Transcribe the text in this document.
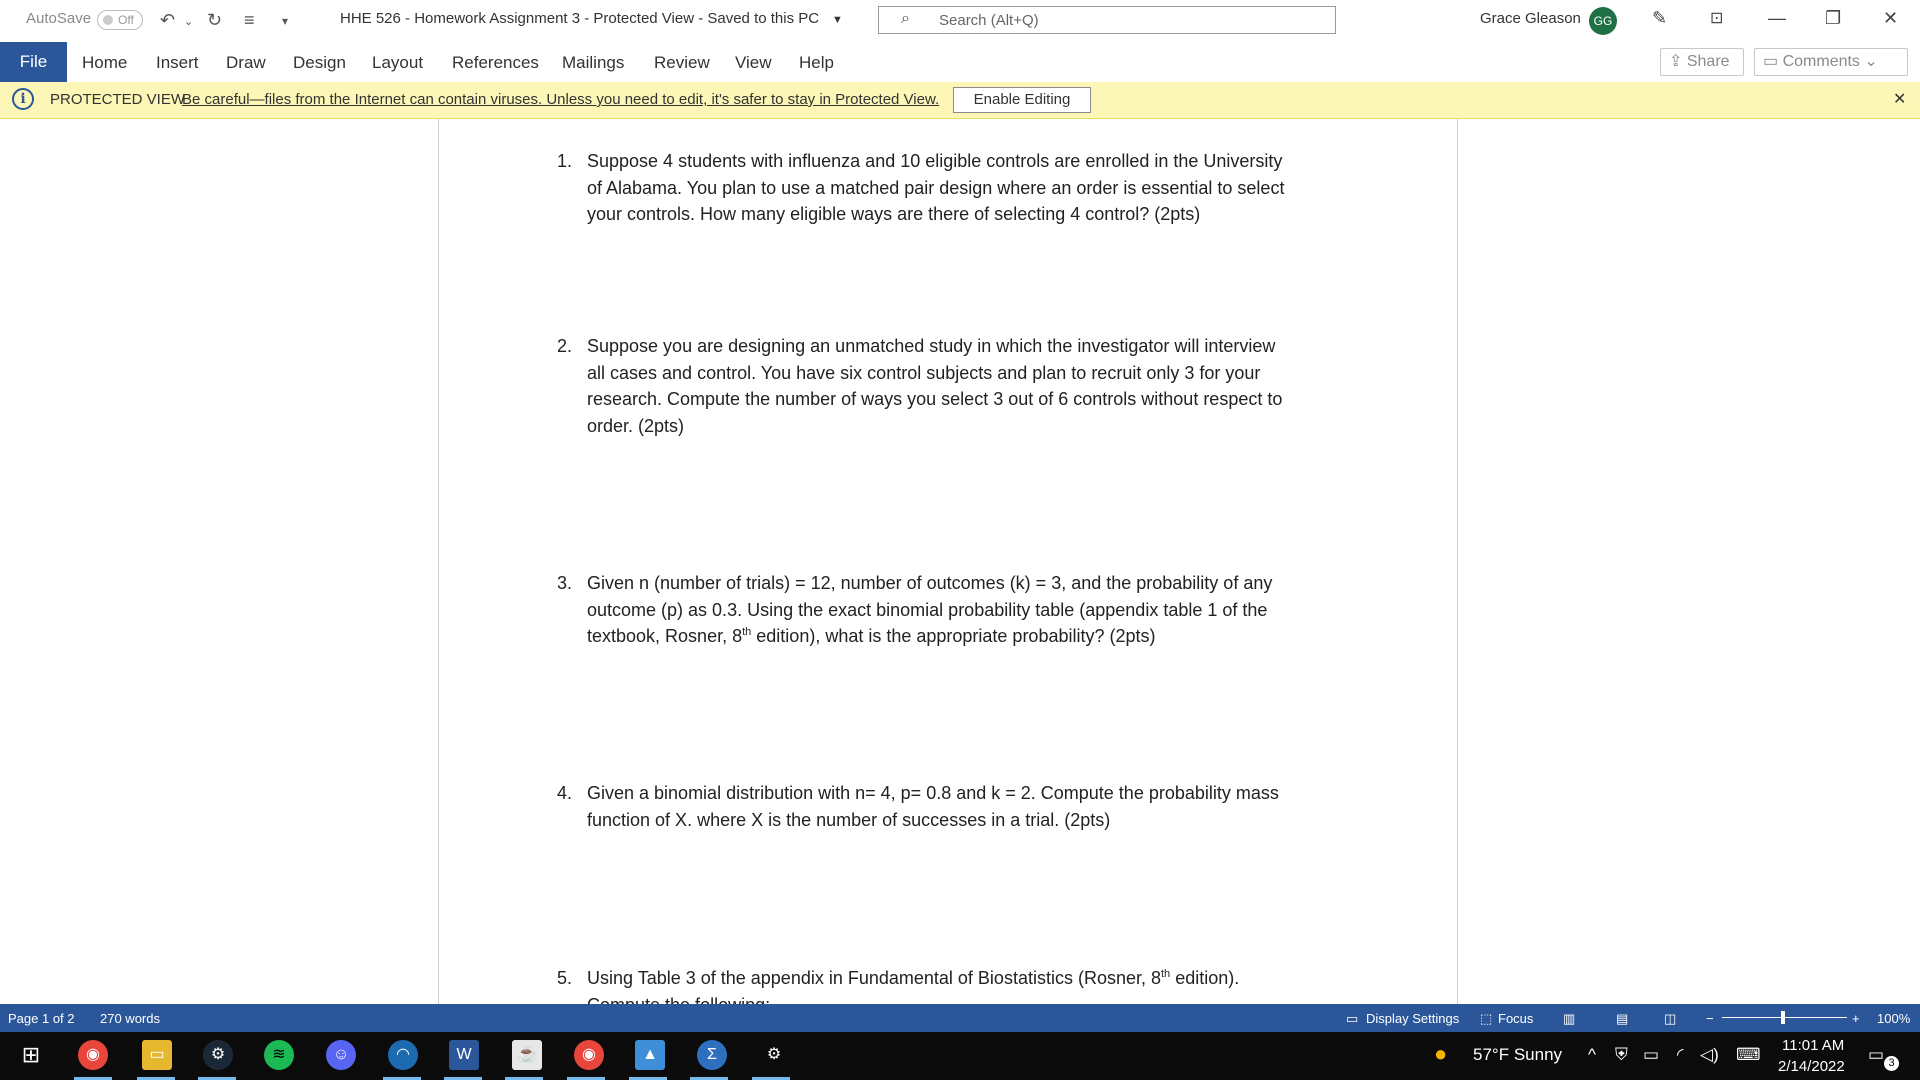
AutoSave Off ↶ ⌄ ↻ ≡ ▾	HHE 526 - Homework Assignment 3 - Protected View - Saved to this PC ▼	⌕ Search (Alt+Q)	Grace Gleason	GG ✎	⊡ — ❐ ✕
File	Home Insert Draw Design Layout References Mailings Review View Help	⇪ Share	▭ Comments ⌄
i	PROTECTED VIEW
Be careful—files from the Internet can contain viruses. Unless you need to edit, it's safer to stay in Protected View.	Enable Editing	✕
1. Suppose 4 students with influenza and 10 eligible controls are enrolled in the University
of Alabama. You plan to use a matched pair design where an order is essential to select
your controls. How many eligible ways are there of selecting 4 control? (2pts)
2. Suppose you are designing an unmatched study in which the investigator will interview
all cases and control. You have six control subjects and plan to recruit only 3 for your
research. Compute the number of ways you select 3 out of 6 controls without respect to
order. (2pts)
3. Given n (number of trials) = 12, number of outcomes (k) = 3, and the probability of any
outcome (p) as 0.3. Using the exact binomial probability table (appendix table 1 of the
textbook, Rosner, 8th edition), what is the appropriate probability? (2pts)
4. Given a binomial distribution with n= 4, p= 0.8 and k = 2. Compute the probability mass
function of X. where X is the number of successes in a trial. (2pts)
5. Using Table 3 of the appendix in Fundamental of Biostatistics (Rosner, 8th edition).
Page 1 of 2 270 words	▭ Display Settings ⬚ Focus ▥	▤	◫ −	+ 100%
⊞	◉	▭	⚙	≋	☺	◠	W	☕	◉	▲	Σ	⚙	● 57°F Sunny ^ ⛨ ▭ ◜ ◁) ⌨ 11:01 AM
2/14/2022
▭ 3
